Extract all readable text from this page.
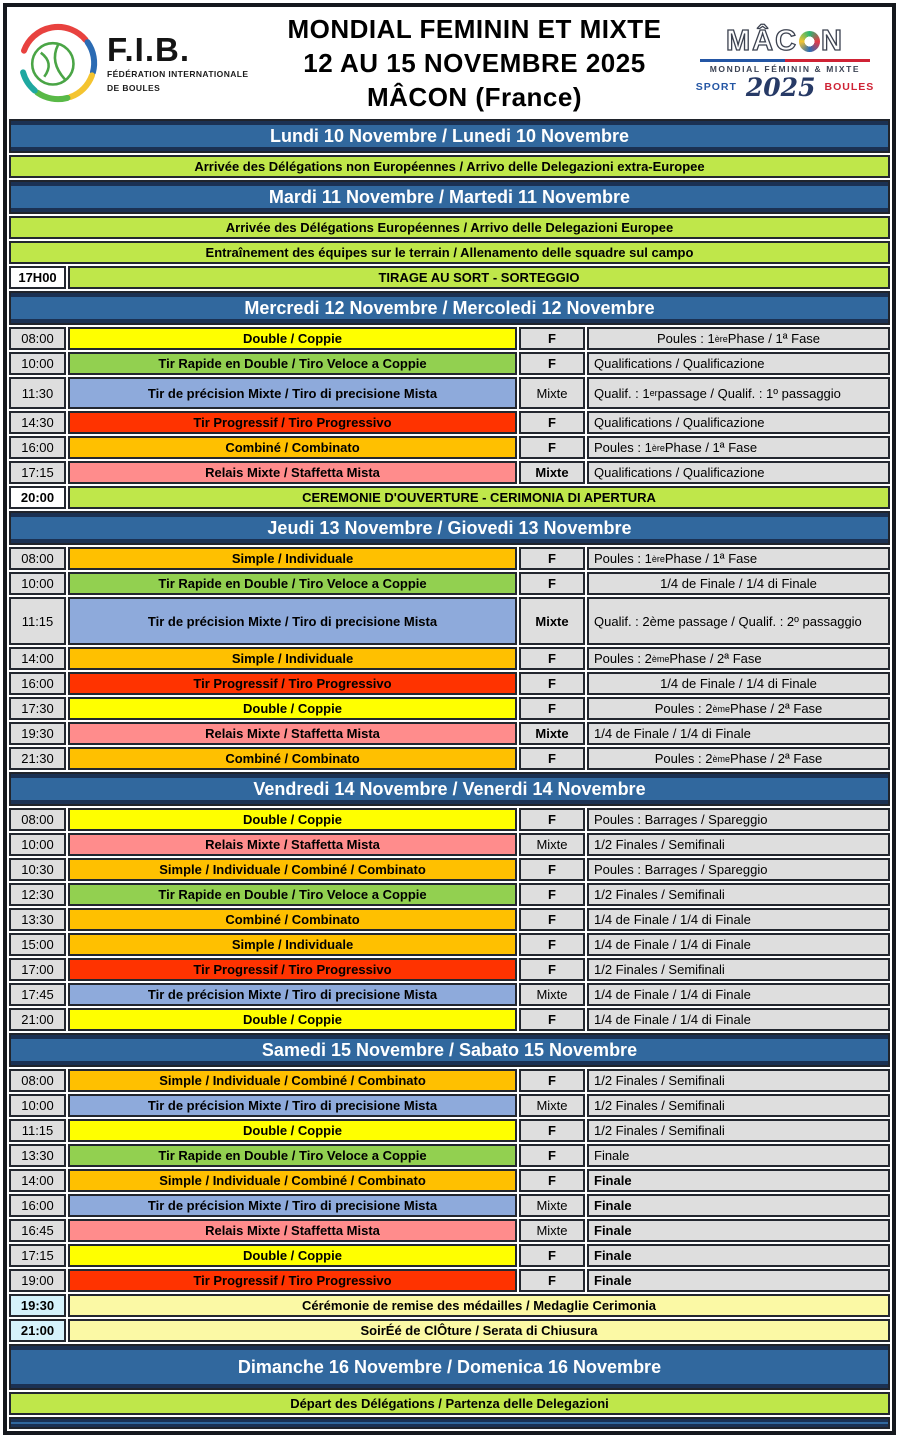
F.I.B.
FÉDÉRATION INTERNATIONALE
DE BOULES
MONDIAL FEMININ ET MIXTE
12 AU 15 NOVEMBRE 2025
MÂCON (France)
MÂC N
MONDIAL FÉMININ & MIXTE
SPORT 2025 BOULES
Lundi 10 Novembre / Lunedi 10 Novembre
Arrivée des Délégations non Européennes / Arrivo delle Delegazioni extra-Europee
Mardi 11 Novembre / Martedi 11 Novembre
Arrivée des Délégations Européennes / Arrivo delle Delegazioni Europee
Entraînement des équipes sur le terrain / Allenamento delle squadre sul campo
17H00	TIRAGE AU SORT - SORTEGGIO
Mercredi 12 Novembre / Mercoledi 12 Novembre
08:00	Double / Coppie	F	Poules : 1 ère Phase / 1ª Fase
10:00	Tir Rapide en Double / Tiro Veloce a Coppie	F	Qualifications / Qualificazione
11:30	Tir de précision Mixte / Tiro di precisione Mista	Mixte	Qualif. : 1 er passage / Qualif. : 1º passaggio
14:30	Tir Progressif / Tiro Progressivo	F	Qualifications / Qualificazione
16:00	Combiné / Combinato	F	Poules : 1 ère Phase / 1ª Fase
17:15	Relais Mixte / Staffetta Mista	Mixte	Qualifications / Qualificazione
20:00	CEREMONIE D'OUVERTURE - CERIMONIA DI APERTURA
Jeudi 13 Novembre / Giovedi 13 Novembre
08:00	Simple / Individuale	F	Poules : 1 ère Phase / 1ª Fase
10:00	Tir Rapide en Double / Tiro Veloce a Coppie	F	1/4 de Finale / 1/4 di Finale
11:15	Tir de précision Mixte / Tiro di precisione Mista	Mixte	Qualif. : 2ème passage / Qualif. : 2º passaggio
14:00	Simple / Individuale	F	Poules : 2 ème Phase / 2ª Fase
16:00	Tir Progressif / Tiro Progressivo	F	1/4 de Finale / 1/4 di Finale
17:30	Double / Coppie	F	Poules : 2 ème Phase / 2ª Fase
19:30	Relais Mixte / Staffetta Mista	Mixte	1/4 de Finale / 1/4 di Finale
21:30	Combiné / Combinato	F	Poules : 2 ème Phase / 2ª Fase
Vendredi 14 Novembre / Venerdi 14 Novembre
08:00	Double / Coppie	F	Poules : Barrages / Spareggio
10:00	Relais Mixte / Staffetta Mista	Mixte	1/2 Finales / Semifinali
10:30	Simple / Individuale / Combiné / Combinato	F	Poules : Barrages / Spareggio
12:30	Tir Rapide en Double / Tiro Veloce a Coppie	F	1/2 Finales / Semifinali
13:30	Combiné / Combinato	F	1/4 de Finale / 1/4 di Finale
15:00	Simple / Individuale	F	1/4 de Finale / 1/4 di Finale
17:00	Tir Progressif / Tiro Progressivo	F	1/2 Finales / Semifinali
17:45	Tir de précision Mixte / Tiro di precisione Mista	Mixte	1/4 de Finale / 1/4 di Finale
21:00	Double / Coppie	F	1/4 de Finale / 1/4 di Finale
Samedi 15 Novembre / Sabato 15 Novembre
08:00	Simple / Individuale / Combiné / Combinato	F	1/2 Finales / Semifinali
10:00	Tir de précision Mixte / Tiro di precisione Mista	Mixte	1/2 Finales / Semifinali
11:15	Double / Coppie	F	1/2 Finales / Semifinali
13:30	Tir Rapide en Double / Tiro Veloce a Coppie	F	Finale
14:00	Simple / Individuale / Combiné / Combinato	F	Finale
16:00	Tir de précision Mixte / Tiro di precisione Mista	Mixte	Finale
16:45	Relais Mixte / Staffetta Mista	Mixte	Finale
17:15	Double / Coppie	F	Finale
19:00	Tir Progressif / Tiro Progressivo	F	Finale
19:30	Cérémonie de remise des médailles / Medaglie Cerimonia
21:00	SoirÉé de ClÔture / Serata di Chiusura
Dimanche 16 Novembre / Domenica 16 Novembre
Départ des Délégations / Partenza delle Delegazioni
